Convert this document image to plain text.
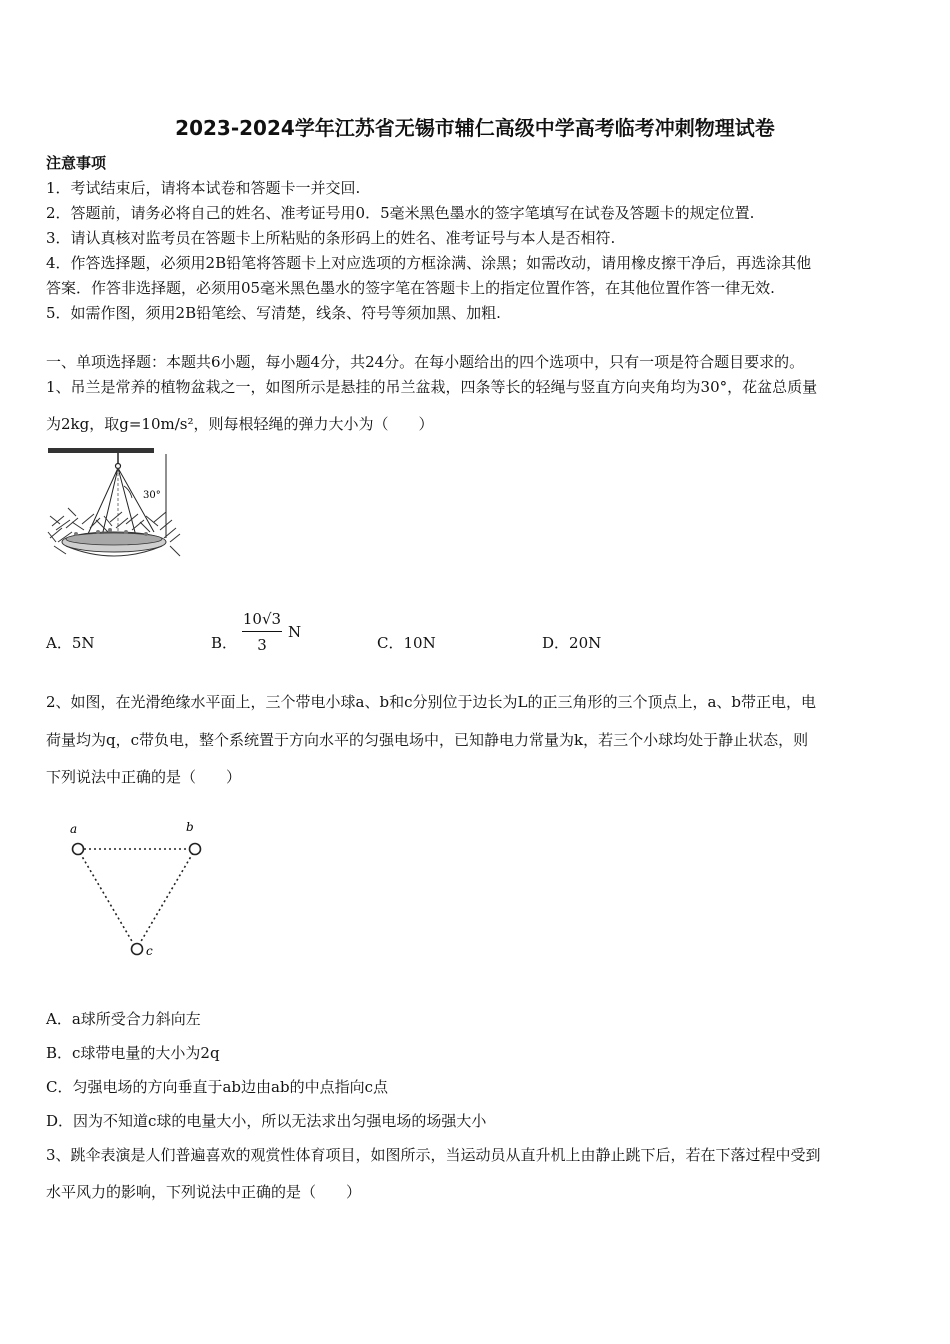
2023-2024学年江苏省无锡市辅仁高级中学高考临考冲刺物理试卷
注意事项
1．考试结束后，请将本试卷和答题卡一并交回.
2．答题前，请务必将自己的姓名、准考证号用0．5毫米黑色墨水的签字笔填写在试卷及答题卡的规定位置.
3．请认真核对监考员在答题卡上所粘贴的条形码上的姓名、准考证号与本人是否相符.
4．作答选择题，必须用2B铅笔将答题卡上对应选项的方框涂满、涂黑；如需改动，请用橡皮擦干净后，再选涂其他
答案．作答非选择题，必须用05毫米黑色墨水的签字笔在答题卡上的指定位置作答，在其他位置作答一律无效.
5．如需作图，须用2B铅笔绘、写清楚，线条、符号等须加黑、加粗.
一、单项选择题：本题共6小题，每小题4分，共24分。在每小题给出的四个选项中，只有一项是符合题目要求的。
1、吊兰是常养的植物盆栽之一，如图所示是悬挂的吊兰盆栽，四条等长的轻绳与竖直方向夹角均为30°，花盆总质量
为2kg，取g=10m/s²，则每根轻绳的弹力大小为（　　）
30°
A．5N	B．
10√3
3
N
C．10N	D．20N
2、如图，在光滑绝缘水平面上，三个带电小球a、b和c分别位于边长为L的正三角形的三个顶点上，a、b带正电，电
荷量均为q，c带负电，整个系统置于方向水平的匀强电场中，已知静电力常量为k，若三个小球均处于静止状态，则
下列说法中正确的是（　　）
a	b
c
A．a球所受合力斜向左
B．c球带电量的大小为2q
C．匀强电场的方向垂直于ab边由ab的中点指向c点
D．因为不知道c球的电量大小，所以无法求出匀强电场的场强大小
3、跳伞表演是人们普遍喜欢的观赏性体育项目，如图所示，当运动员从直升机上由静止跳下后，若在下落过程中受到
水平风力的影响，下列说法中正确的是（　　）
